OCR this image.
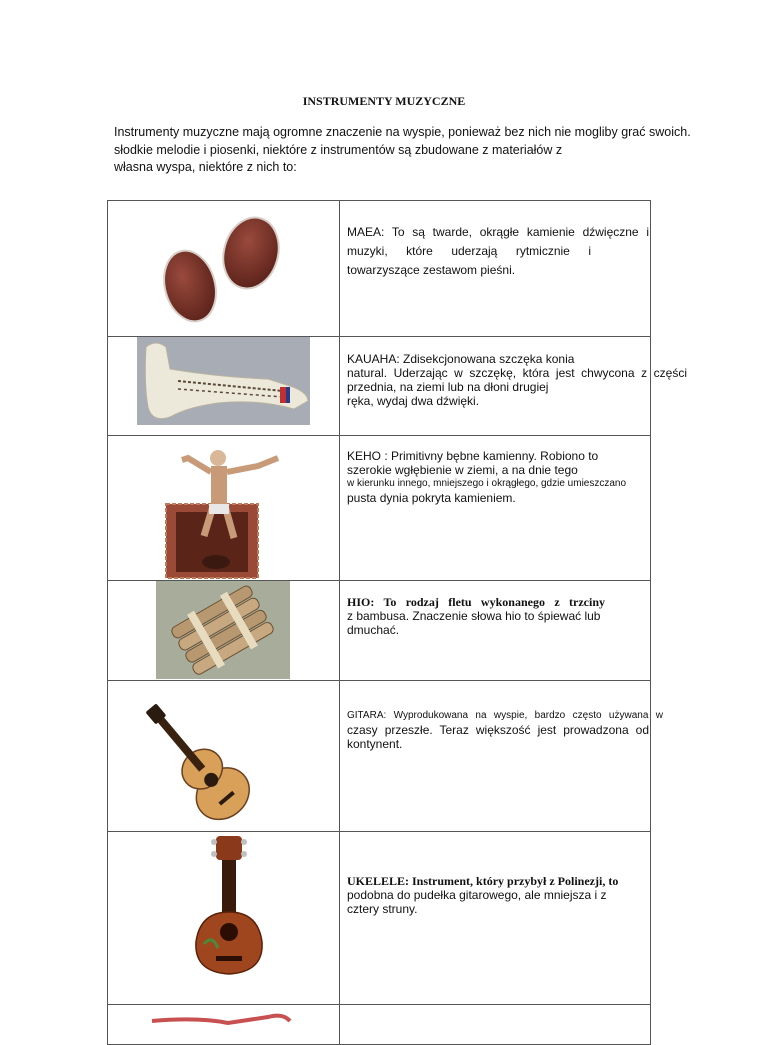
INSTRUMENTY MUZYCZNE
Instrumenty muzyczne mają ogromne znaczenie na wyspie, ponieważ bez nich nie mogliby grać swoich.
słodkie melodie i piosenki, niektóre z instrumentów są zbudowane z materiałów z
własna wyspa, niektóre z nich to:

MAEA: To są twarde, okrągłe kamienie dźwięczne i
muzyki, które uderzają rytmicznie i
towarzyszące zestawom pieśni.

KAUAHA: Zdisekcjonowana szczęka konia
natural. Uderzając w szczękę, która jest chwycona z części
przednia, na ziemi lub na dłoni drugiej
ręka, wydaj dwa dźwięki.

KEHO : Primitivny bębne kamienny. Robiono to
szerokie wgłębienie w ziemi, a na dnie tego
w kierunku innego, mniejszego i okrągłego, gdzie umieszczano
pusta dynia pokryta kamieniem.

HIO: To rodzaj fletu wykonanego z trzciny
z bambusa. Znaczenie słowa hio to śpiewać lub
dmuchać.

GITARA: Wyprodukowana na wyspie, bardzo często używana w
czasy przeszłe. Teraz większość jest prowadzona od
kontynent.

UKELELE: Instrument, który przybył z Polinezji, to
podobna do pudełka gitarowego, ale mniejsza i z
cztery struny.
